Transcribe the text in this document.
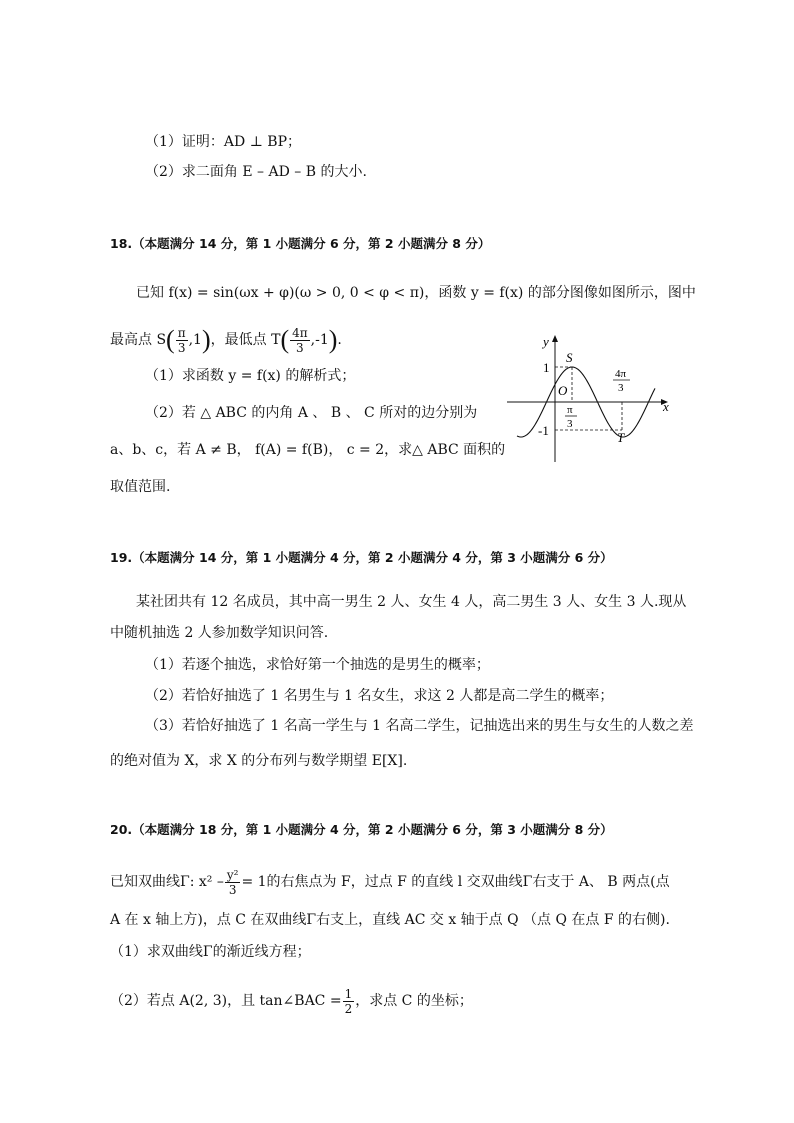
（1）证明：AD ⊥ BP；
（2）求二面角 E – AD – B 的大小.
18.（本题满分 14 分，第 1 小题满分 6 分，第 2 小题满分 8 分）
已知 f(x) = sin(ωx + φ)(ω > 0, 0 < φ < π)，函数 y = f(x) 的部分图像如图所示，图中
最高点 $S( \frac{\pi}{3} ,1)$，最低点 $T( \frac{4\pi}{3} ,-1)$.
（1）求函数 y = f(x) 的解析式；
（2）若 △ ABC 的内角 A 、 B 、 C 所对的边分别为
a、b、c，若 A ≠ B， f(A) = f(B)， c = 2，求△ ABC 面积的
取值范围.
y
x
O
S
T
1
-1
π
3
4π
3
19.（本题满分 14 分，第 1 小题满分 4 分，第 2 小题满分 4 分，第 3 小题满分 6 分）
某社团共有 12 名成员，其中高一男生 2 人、女生 4 人，高二男生 3 人、女生 3 人.现从
中随机抽选 2 人参加数学知识问答.
（1）若逐个抽选，求恰好第一个抽选的是男生的概率；
（2）若恰好抽选了 1 名男生与 1 名女生，求这 2 人都是高二学生的概率；
（3）若恰好抽选了 1 名高一学生与 1 名高二学生，记抽选出来的男生与女生的人数之差
的绝对值为 X，求 X 的分布列与数学期望 E[X].
20.（本题满分 18 分，第 1 小题满分 4 分，第 2 小题满分 6 分，第 3 小题满分 8 分）
已知双曲线Γ: $x^2 - \frac{\text{y²}}{3} = 1$的右焦点为 F，过点 F 的直线 l 交双曲线Γ右支于 A、 B 两点(点
A 在 x 轴上方)，点 C 在双曲线Γ右支上，直线 AC 交 x 轴于点 Q （点 Q 在点 F 的右侧).
（1）求双曲线Γ的渐近线方程；
（2）若点 A(2, 3)，且 tan∠BAC = $\frac{1}{2}$ ，求点 C 的坐标；
